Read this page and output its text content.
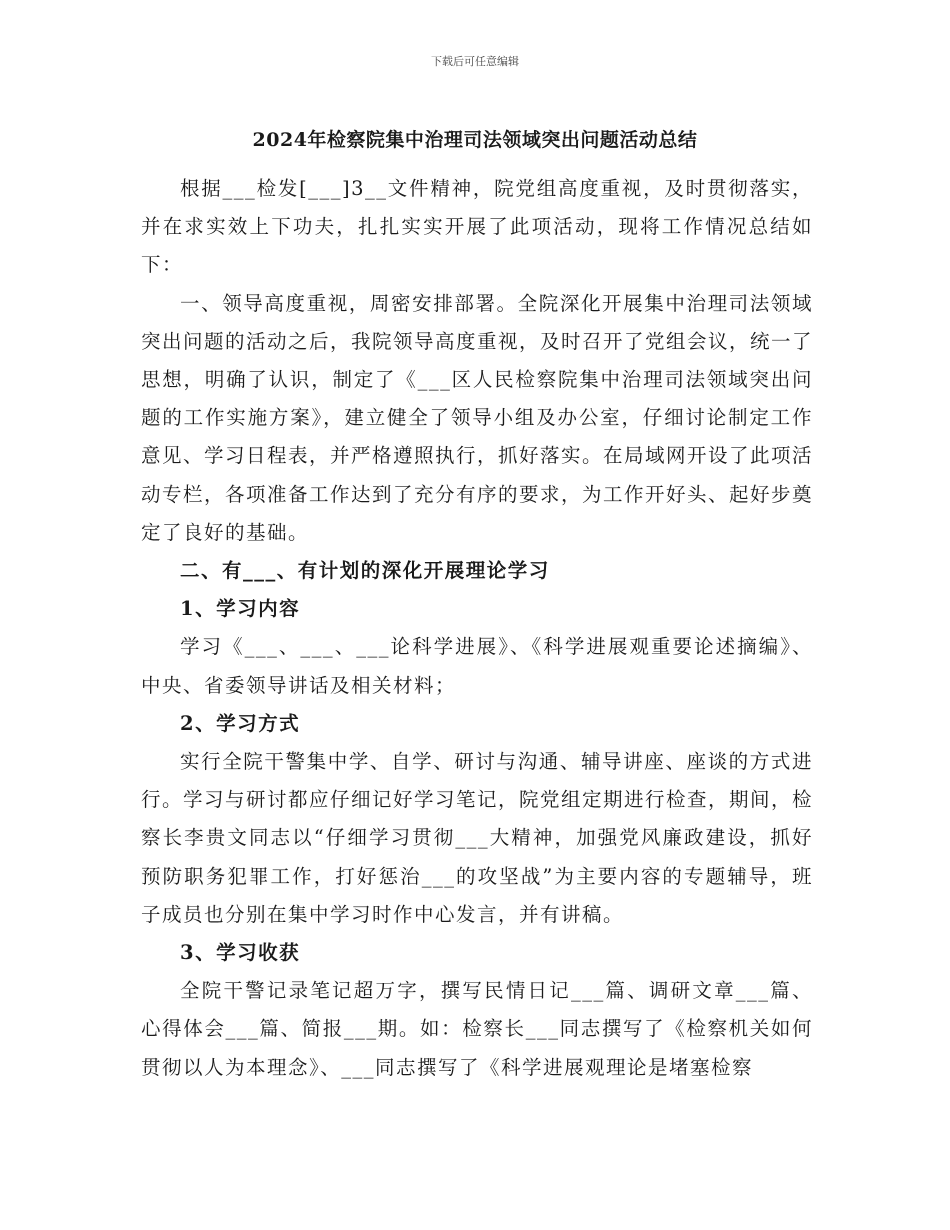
下载后可任意编辑
2024年检察院集中治理司法领域突出问题活动总结

根据___检发[___]3__文件精神，院党组高度重视，及时贯彻落实，并在求实效上下功夫，扎扎实实开展了此项活动，现将工作情况总结如下：

一、领导高度重视，周密安排部署。全院深化开展集中治理司法领域突出问题的活动之后，我院领导高度重视，及时召开了党组会议，统一了思想，明确了认识，制定了《___区人民检察院集中治理司法领域突出问题的工作实施方案》，建立健全了领导小组及办公室，仔细讨论制定工作意见、学习日程表，并严格遵照执行，抓好落实。在局域网开设了此项活动专栏，各项准备工作达到了充分有序的要求，为工作开好头、起好步奠定了良好的基础。

二、有___、有计划的深化开展理论学习

1、学习内容

学习《___、___、___论科学进展》、《科学进展观重要论述摘编》、中央、省委领导讲话及相关材料；

2、学习方式

实行全院干警集中学、自学、研讨与沟通、辅导讲座、座谈的方式进行。学习与研讨都应仔细记好学习笔记，院党组定期进行检查，期间，检察长李贵文同志以“仔细学习贯彻___大精神，加强党风廉政建设，抓好预防职务犯罪工作，打好惩治___的攻坚战”为主要内容的专题辅导，班子成员也分别在集中学习时作中心发言，并有讲稿。

3、学习收获

全院干警记录笔记超万字，撰写民情日记___篇、调研文章___篇、心得体会___篇、简报___期。如：检察长___同志撰写了《检察机关如何贯彻以人为本理念》、___同志撰写了《科学进展观理论是堵塞检察
